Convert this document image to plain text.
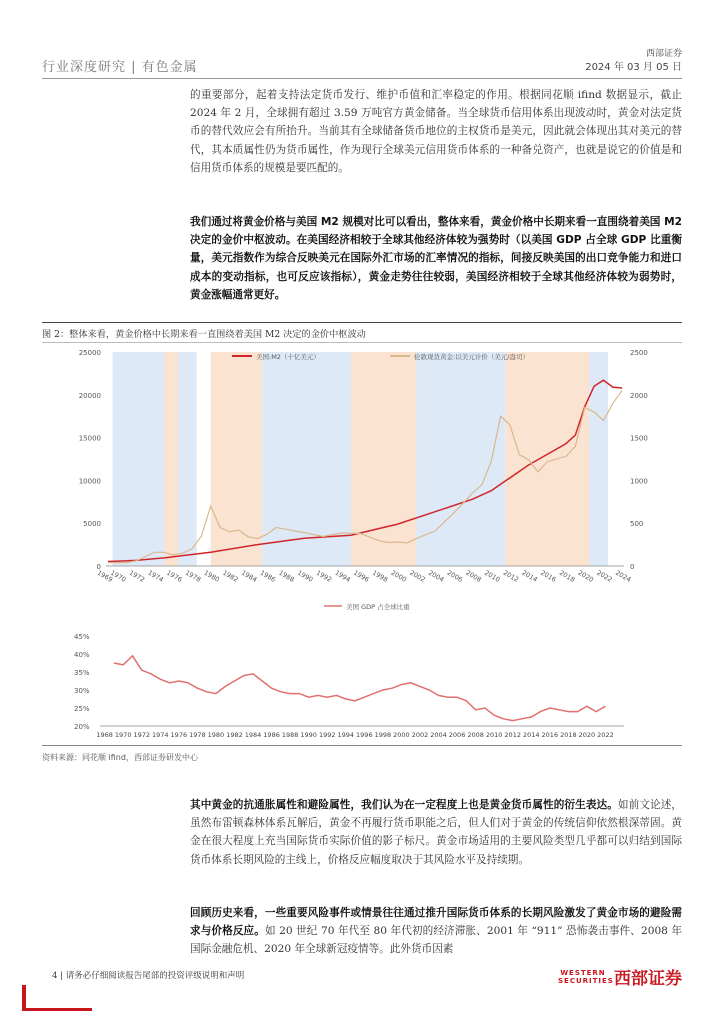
行业深度研究 | 有色金属
西部证券
2024 年 03 月 05 日
的重要部分，起着支持法定货币发行、维护币值和汇率稳定的作用。根据同花顺 ifind 数据显示，截止 2024 年 2 月，全球拥有超过 3.59 万吨官方黄金储备。当全球货币信用体系出现波动时，黄金对法定货币的替代效应会有所抬升。当前其有全球储备货币地位的主权货币是美元，因此就会体现出其对美元的替代，其本质属性仍为货币属性，作为现行全球美元信用货币体系的一种备兑资产，也就是说它的价值是和信用货币体系的规模是要匹配的。
我们通过将黄金价格与美国 M2 规模对比可以看出，整体来看，黄金价格中长期来看一直围绕着美国 M2 决定的金价中枢波动。在美国经济相较于全球其他经济体较为强势时（以美国 GDP 占全球 GDP 比重衡量，美元指数作为综合反映美元在国际外汇市场的汇率情况的指标，间接反映美国的出口竞争能力和进口成本的变动指标，也可反应该指标），黄金走势往往较弱，美国经济相较于全球其他经济体较为弱势时，黄金涨幅通常更好。
图 2：整体来看，黄金价格中长期来看一直围绕着美国 M2 决定的金价中枢波动
0
5000
10000
15000
20000
25000
0
500
1000
1500
2000
2500
1969
1970 1972 1974 1976 1978 1980 1982 1984 1986 1988 1990 1992 1994 1996 1998 2000 2002 2004 2006 2008 2010 2012 2014 2016 2018 2020 2022 2024
美国:M2（十亿美元）	伦敦现货黄金:以美元计价（美元/盎司）
美国 GDP 占全球比重
20%
25%
30%
35%
40%
45%
1968 1970 1972 1974 1976 1978 1980 1982 1984 1986 1988 1990 1992 1994 1996 1998 2000 2002 2004 2006 2008 2010 2012 2014 2016 2018 2020 2022
资料来源：同花顺 ifind，西部证券研发中心
其中黄金的抗通胀属性和避险属性，我们认为在一定程度上也是黄金货币属性的衍生表达。如前文论述，虽然布雷顿森林体系瓦解后，黄金不再履行货币职能之后，但人们对于黄金的传统信仰依然根深蒂固。黄金在很大程度上充当国际货币实际价值的影子标尺。黄金市场适用的主要风险类型几乎都可以归结到国际货币体系长期风险的主线上，价格反应幅度取决于其风险水平及持续期。
回顾历史来看，一些重要风险事件或情景往往通过推升国际货币体系的长期风险激发了黄金市场的避险需求与价格反应。如 20 世纪 70 年代至 80 年代初的经济滞胀、2001 年 “911” 恐怖袭击事件、2008 年国际金融危机、2020 年全球新冠疫情等。此外货币因素
4 | 请务必仔细阅读报告尾部的投资评级说明和声明	WESTERN SECURITIES 西部证券
